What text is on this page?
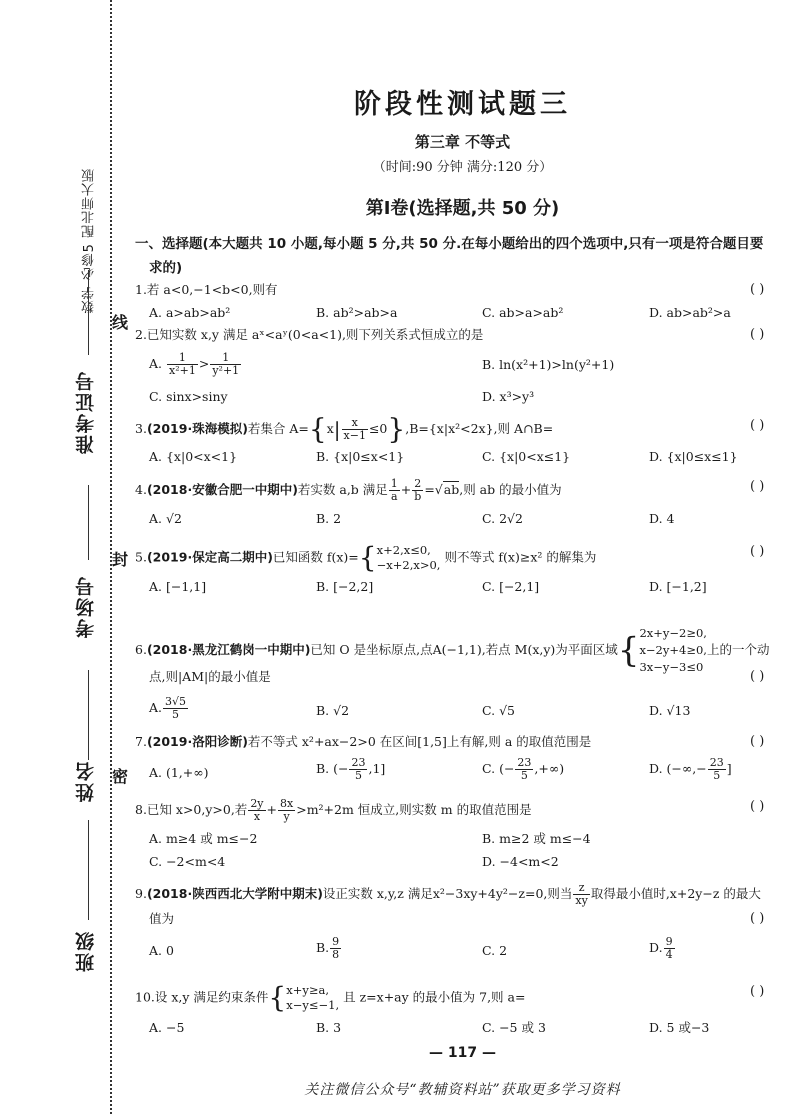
数学 必修5 配北师大版
准考证号
考场号
姓名
班级
线
封
密
阶段性测试题三
第三章 不等式
（时间:90 分钟 满分:120 分）
第Ⅰ卷(选择题,共 50 分)
一、选择题(本大题共 10 小题,每小题 5 分,共 50 分.在每小题给出的四个选项中,只有一项是符合题目要
求的)
1.若 a<0,−1<b<0,则有	( )
A. a>ab>ab²	B. ab²>ab>a	C. ab>a>ab²	D. ab>ab²>a
2.已知实数 x,y 满足 aˣ<aʸ(0<a<1),则下列关系式恒成立的是	( )
A. $\frac{1}{\text{x²+1}} > \frac{1}{\text{y²+1}}$	B. ln(x²+1)>ln(y²+1)
C. sinx>siny	D. x³>y³
3.(2019·珠海模拟)若集合 $A=\{x| \frac{x}{x-1} \le 0\},B=\{x|x^2<2x\}$,则 A∩B=	( )
A. {x|0<x<1}	B. {x|0≤x<1}	C. {x|0<x≤1}	D. {x|0≤x≤1}
4.(2018·安徽合肥一中期中)若实数 a,b 满足 $\frac{1}{a} + \frac{2}{b} =√ab$,则 ab 的最小值为	( )
A. √2	B. 2	C. 2√2	D. 4
5.(2019·保定高二期中)已知函数 f(x)={ x+2,x≤0,
−x+2,x>0,
则不等式 f(x)≥x² 的解集为	( )
A. [−1,1]	B. [−2,2]	C. [−2,1]	D. [−1,2]
6.(2018·黑龙江鹤岗一中期中)已知 O 是坐标原点,点A(−1,1),若点 M(x,y)为平面区域{ 2x+y−2≥0,
x−2y+4≥0,
3x−y−3≤0
上的一个动
点,则|AM|的最小值是	( )
A. $\frac{3√5}{5}$	B. √2	C. √5	D. √13
7.(2019·洛阳诊断)若不等式 x²+ax−2>0 在区间[1,5]上有解,则 a 的取值范围是	( )
A. (1,+∞)	B. (− $\frac{23}{5} ,1$]	C. (− $\frac{23}{5}$ ,+∞)	D. (−∞,− $\frac{23}{5}$ ]
8.已知 x>0,y>0,若 $\frac{2y}{x} + \frac{8x}{y} >m^2+2m$ 恒成立,则实数 m 的取值范围是	( )
A. m≥4 或 m≤−2	B. m≥2 或 m≤−4
C. −2<m<4	D. −4<m<2
9.(2018·陕西西北大学附中期末)设正实数 x,y,z 满足x²−3xy+4y²−z=0,则当 $\frac{z}{xy}$ 取得最小值时,x+2y−z 的最大
值为	( )
A. 0	B. $\frac{9}{8}$	C. 2	D. $\frac{9}{4}$
10.设 x,y 满足约束条件{ x+y≥a,
x−y≤−1,
且 z=x+ay 的最小值为 7,则 a=	( )
A. −5	B. 3	C. −5 或 3	D. 5 或−3
— 117 —
关注微信公众号“教辅资料站”获取更多学习资料
